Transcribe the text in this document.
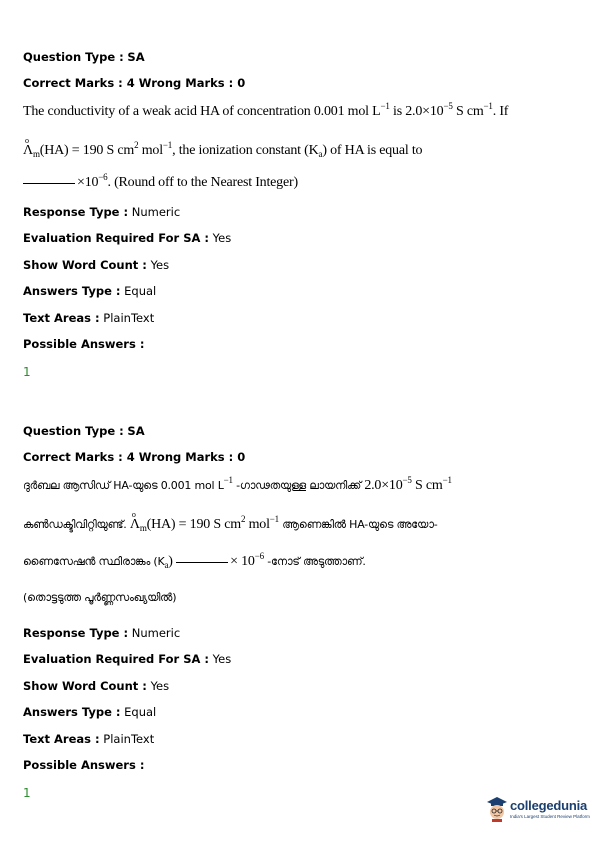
Question Type : SA
Correct Marks : 4 Wrong Marks : 0
The conductivity of a weak acid HA of concentration 0.001 mol $L^{-1}$ is $2.0\times 10^{-5}$ S $cm^{-1}$. If
o
$\Lambda_m(HA) = 190$ S $cm^2$ mol$^{-1}$, the ionization constant $(K_a)$ of HA is equal to
$\times 10^{-6}$. (Round off to the Nearest Integer)
Response Type : Numeric
Evaluation Required For SA : Yes
Show Word Count : Yes
Answers Type : Equal
Text Areas : PlainText
Possible Answers :
1
Question Type : SA
Correct Marks : 4 Wrong Marks : 0
ദുർബല ആസിഡ് HA-യുടെ 0.001 mol $L^{-1}$ -ഗാഢതയുള്ള ലായനിക്ക് $2.0\times 10^{-5}$ S $cm^{-1}$
കൺഡക്ടിവിറ്റിയുണ്ട്.
o
$\Lambda_m(HA) = 190$ S $cm^2$ mol$^{-1}$ ആണെങ്കിൽ HA-യുടെ അയോ-
ണൈസേഷൻ സ്ഥിരാങ്കം $(K_a)$	× $10^{-6}$ -നോട് അടുത്താണ്.
(തൊട്ടടുത്ത പൂർണ്ണസംഖ്യയിൽ)
Response Type : Numeric
Evaluation Required For SA : Yes
Show Word Count : Yes
Answers Type : Equal
Text Areas : PlainText
Possible Answers :
1
collegedunia
India's Largest Student Review Platform
